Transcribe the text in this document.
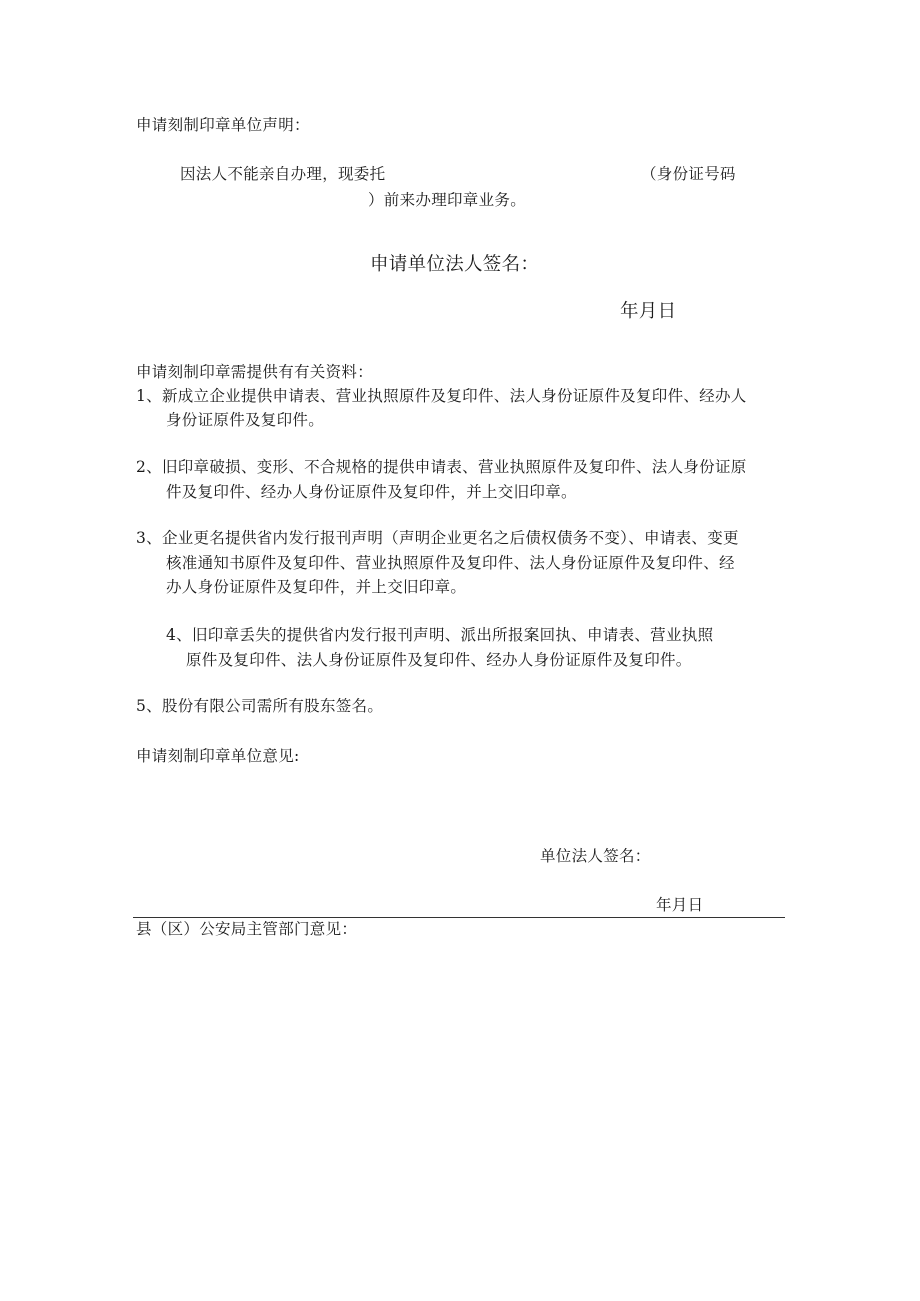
申请刻制印章单位声明：
因法人不能亲自办理，现委托	（身份证号码
）前来办理印章业务。
申请单位法人签名：
年月日
申请刻制印章需提供有有关资料：
1、新成立企业提供申请表、营业执照原件及复印件、法人身份证原件及复印件、经办人
身份证原件及复印件。
2、旧印章破损、变形、不合规格的提供申请表、营业执照原件及复印件、法人身份证原
件及复印件、经办人身份证原件及复印件，并上交旧印章。
3、企业更名提供省内发行报刊声明（声明企业更名之后债权债务不变）、申请表、变更
核准通知书原件及复印件、营业执照原件及复印件、法人身份证原件及复印件、经
办人身份证原件及复印件，并上交旧印章。
4、旧印章丢失的提供省内发行报刊声明、派出所报案回执、申请表、营业执照
原件及复印件、法人身份证原件及复印件、经办人身份证原件及复印件。
5、股份有限公司需所有股东签名。
申请刻制印章单位意见:
单位法人签名：
年月日
县（区）公安局主管部门意见：
